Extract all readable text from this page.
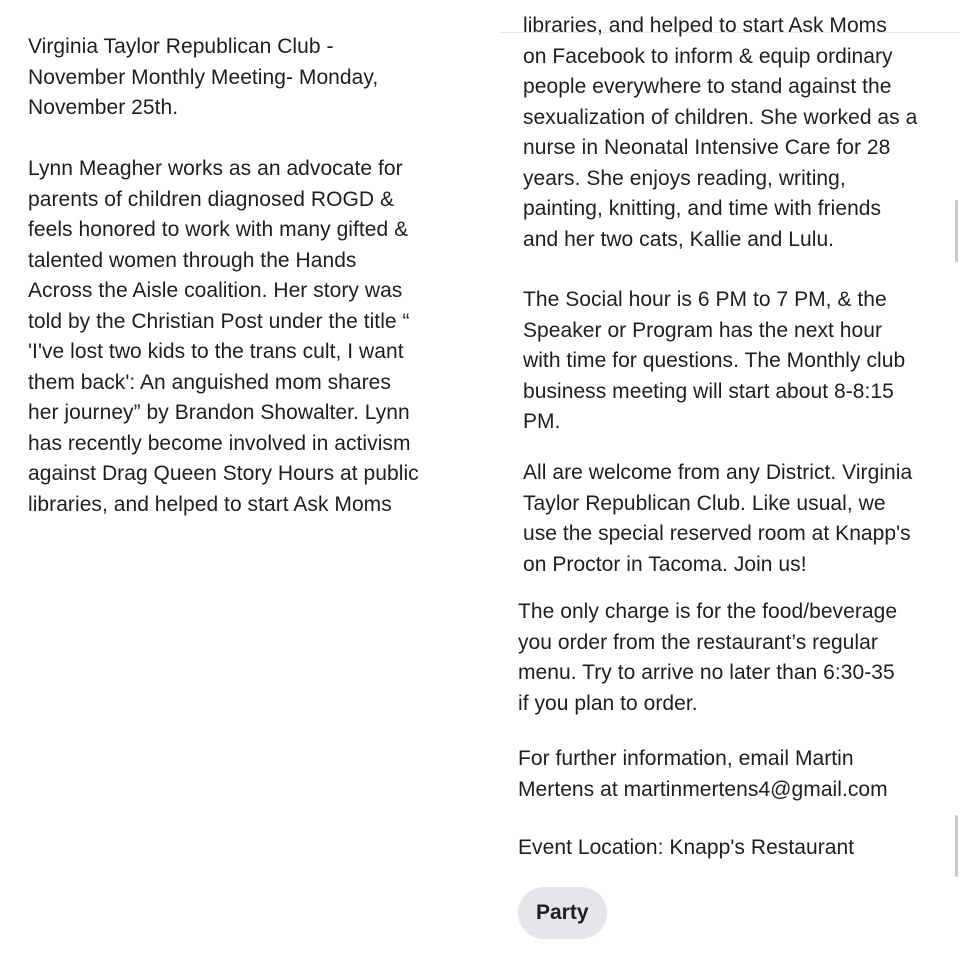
Virginia Taylor Republican Club -
November Monthly Meeting- Monday,
November 25th.
Lynn Meagher works as an advocate for
parents of children diagnosed ROGD &
feels honored to work with many gifted &
talented women through the Hands
Across the Aisle coalition. Her story was
told by the Christian Post under the title “
'I've lost two kids to the trans cult, I want
them back': An anguished mom shares
her journey” by Brandon Showalter. Lynn
has recently become involved in activism
against Drag Queen Story Hours at public
libraries, and helped to start Ask Moms
libraries, and helped to start Ask Moms
on Facebook to inform & equip ordinary
people everywhere to stand against the
sexualization of children. She worked as a
nurse in Neonatal Intensive Care for 28
years. She enjoys reading, writing,
painting, knitting, and time with friends
and her two cats, Kallie and Lulu.
The Social hour is 6 PM to 7 PM, & the
Speaker or Program has the next hour
with time for questions. The Monthly club
business meeting will start about 8-8:15
PM.
All are welcome from any District. Virginia
Taylor Republican Club. Like usual, we
use the special reserved room at Knapp's
on Proctor in Tacoma. Join us!
The only charge is for the food/beverage
you order from the restaurant’s regular
menu. Try to arrive no later than 6:30-35
if you plan to order.
For further information, email Martin
Mertens at martinmertens4@gmail.com
Event Location: Knapp's Restaurant
Party
